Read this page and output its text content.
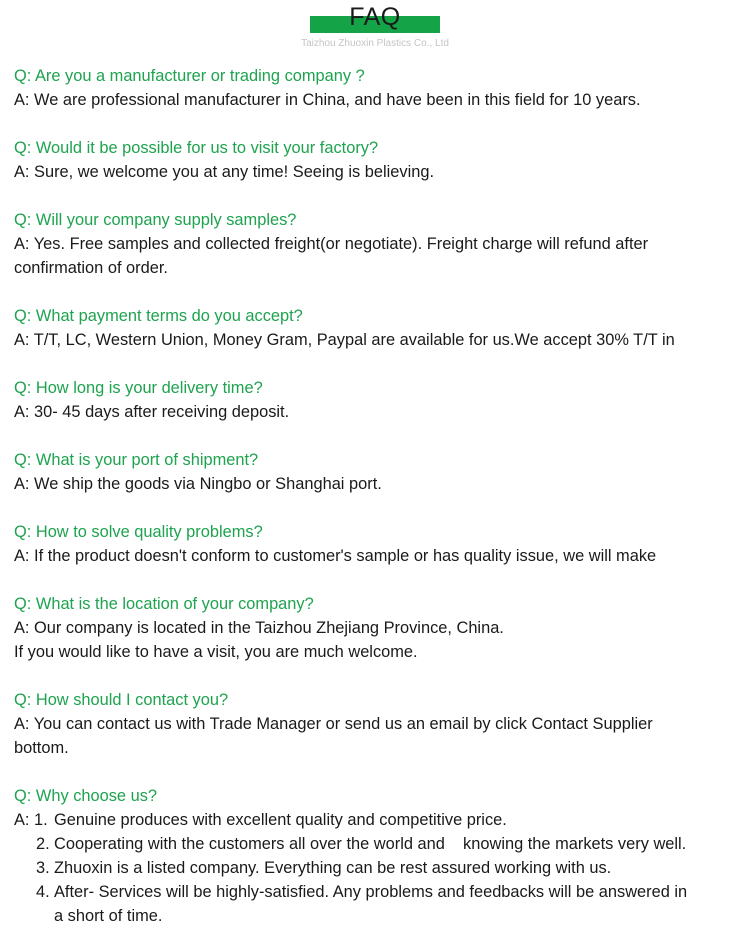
FAQ
Taizhou Zhuoxin Plastics Co., Ltd
Q: Are you a manufacturer or trading company ?
A: We are professional manufacturer in China, and have been in this field for 10 years.
Q: Would it be possible for us to visit your factory?
A: Sure, we welcome you at any time! Seeing is believing.
Q: Will your company supply samples?
A: Yes. Free samples and collected freight(or negotiate). Freight charge will refund after
confirmation of order.
Q: What payment terms do you accept?
A: T/T, LC, Western Union, Money Gram, Paypal are available for us.We accept 30% T/T in
Q: How long is your delivery time?
A: 30- 45 days after receiving deposit.
Q: What is your port of shipment?
A: We ship the goods via Ningbo or Shanghai port.
Q: How to solve quality problems?
A: If the product doesn't conform to customer's sample or has quality issue, we will make
Q: What is the location of your company?
A: Our company is located in the Taizhou Zhejiang Province, China.
If you would like to have a visit, you are much welcome.
Q: How should I contact you?
A: You can contact us with Trade Manager or send us an email by click Contact Supplier
bottom.
Q: Why choose us?
A: 1. Genuine produces with excellent quality and competitive price.
2. Cooperating with the customers all over the world and    knowing the markets very well.
3. Zhuoxin is a listed company. Everything can be rest assured working with us.
4. After- Services will be highly-satisfied. Any problems and feedbacks will be answered in
a short of time.
